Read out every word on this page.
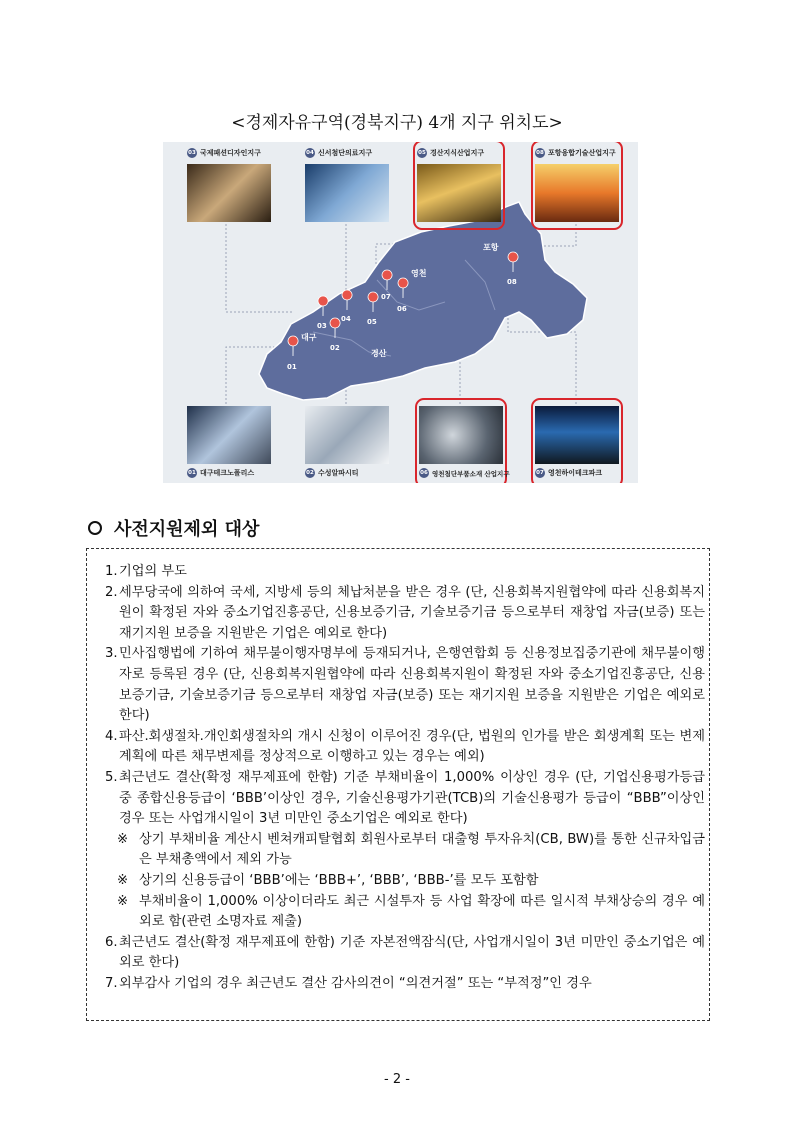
<경제자유구역(경북지구) 4개 지구 위치도>
포항
영천
대구
경산
01
02
03
04 05
06
07
08
03 국제패션디자인지구	04 신서첨단의료지구	05 경산지식산업지구	08 포항융합기술산업지구
01 대구테크노폴리스	02 수성알파시티	06 영천첨단부품소재 산업지구	07 영천하이테크파크
사전지원제외 대상
1. 기업의 부도
2. 세무당국에 의하여 국세, 지방세 등의 체납처분을 받은 경우 (단, 신용회복지원협약에 따라 신용회복지원이 확정된 자와 중소기업진흥공단, 신용보증기금, 기술보증기금 등으로부터 재창업 자금(보증) 또는 재기지원 보증을 지원받은 기업은 예외로 한다)
3. 민사집행법에 기하여 채무불이행자명부에 등재되거나, 은행연합회 등 신용정보집중기관에 채무불이행자로 등록된 경우 (단, 신용회복지원협약에 따라 신용회복지원이 확정된 자와 중소기업진흥공단, 신용보증기금, 기술보증기금 등으로부터 재창업 자금(보증) 또는 재기지원 보증을 지원받은 기업은 예외로 한다)
4. 파산.회생절차.개인회생절차의 개시 신청이 이루어진 경우(단, 법원의 인가를 받은 회생계획 또는 변제계획에 따른 채무변제를 정상적으로 이행하고 있는 경우는 예외)
5. 최근년도 결산(확정 재무제표에 한함) 기준 부채비율이 1,000% 이상인 경우 (단, 기업신용평가등급 중 종합신용등급이 ‘BBB’이상인 경우, 기술신용평가기관(TCB)의 기술신용평가 등급이 “BBB”이상인 경우 또는 사업개시일이 3년 미만인 중소기업은 예외로 한다)
※ 상기 부채비율 계산시 벤쳐캐피탈협회 회원사로부터 대출형 투자유치(CB, BW)를 통한 신규차입금은 부채총액에서 제외 가능
※ 상기의 신용등급이 ‘BBB’에는 ‘BBB+’, ‘BBB’, ‘BBB-’를 모두 포함함
※ 부채비율이 1,000% 이상이더라도 최근 시설투자 등 사업 확장에 따른 일시적 부채상승의 경우 예외로 함(관련 소명자료 제출)
6. 최근년도 결산(확정 재무제표에 한함) 기준 자본전액잠식(단, 사업개시일이 3년 미만인 중소기업은 예외로 한다)
7. 외부감사 기업의 경우 최근년도 결산 감사의견이 “의견거절” 또는 “부적정”인 경우
- 2 -
